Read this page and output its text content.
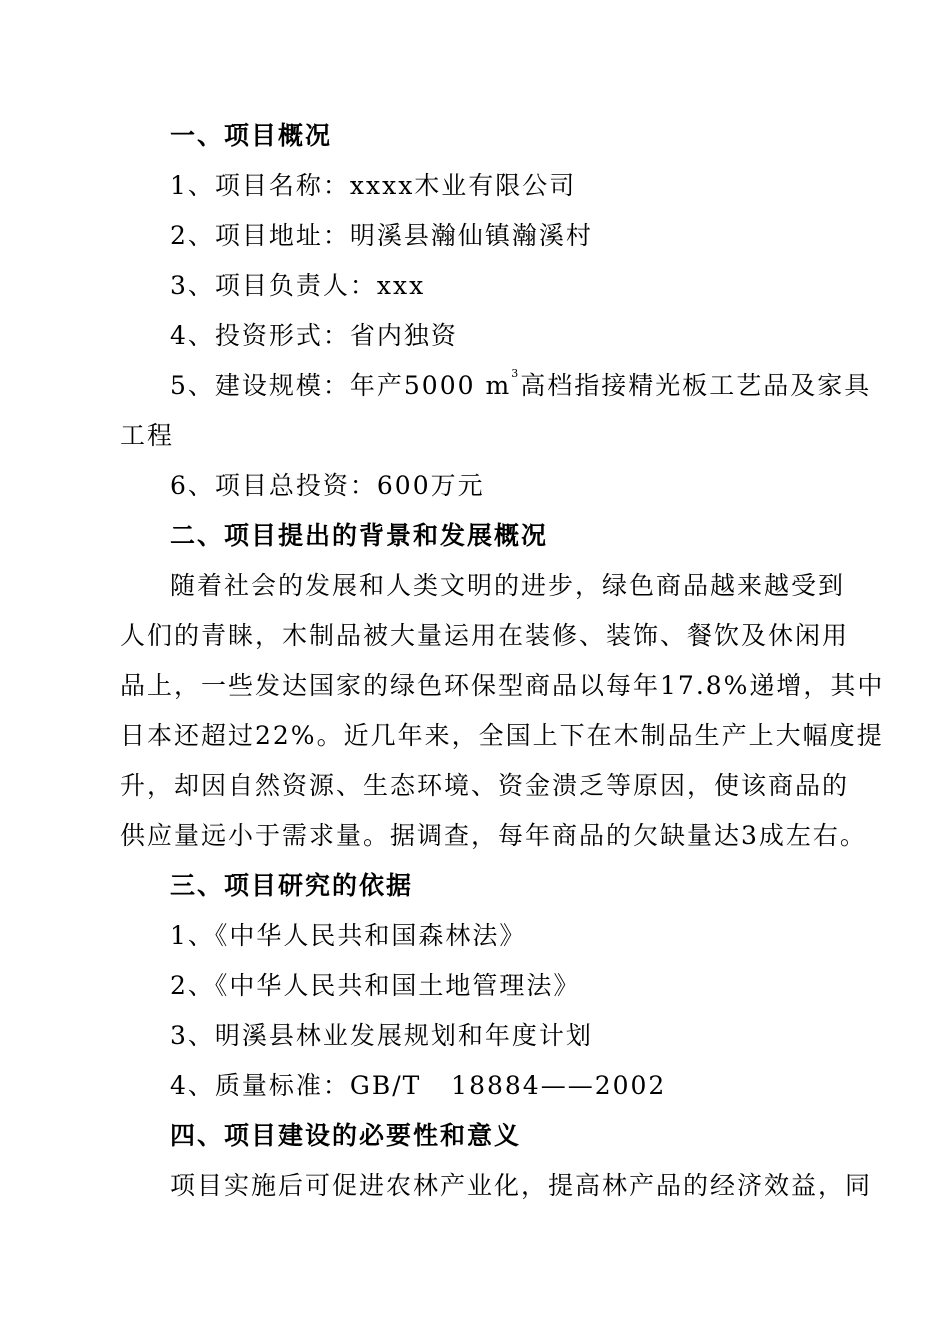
一、项目概况
1、项目名称：xxxx木业有限公司
2、项目地址：明溪县瀚仙镇瀚溪村
3、项目负责人：xxx
4、投资形式：省内独资
5、建设规模：年产5000 $m^3$高档指接精光板工艺品及家具
工程
6、项目总投资：600万元
二、项目提出的背景和发展概况
随着社会的发展和人类文明的进步，绿色商品越来越受到
人们的青睐，木制品被大量运用在装修、装饰、餐饮及休闲用
品上，一些发达国家的绿色环保型商品以每年17.8%递增，其中
日本还超过22%。近几年来，全国上下在木制品生产上大幅度提
升，却因自然资源、生态环境、资金溃乏等原因，使该商品的
供应量远小于需求量。据调查，每年商品的欠缺量达3成左右。
三、项目研究的依据
1、《中华人民共和国森林法》
2、《中华人民共和国土地管理法》
3、明溪县林业发展规划和年度计划
4、质量标准：GB/T   18884——2002
四、项目建设的必要性和意义
项目实施后可促进农林产业化，提高林产品的经济效益，同
